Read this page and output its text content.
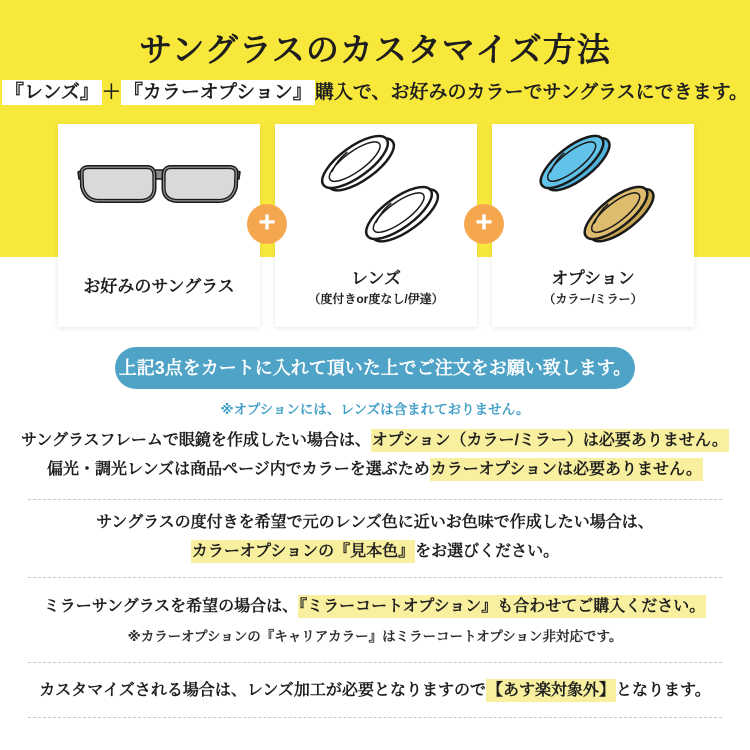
サングラスのカスタマイズ方法

『レンズ』 ＋ 『カラーオプション』 購入で、お好みのカラーでサングラスにできます。

お好みのサングラス
+
レンズ
（度付きor度なし/伊達）
+
オプション
（カラー/ミラー）
上記3点をカートに入れて頂いた上でご注文をお願い致します。
※オプションには、レンズは含まれておりません。
サングラスフレームで眼鏡を作成したい場合は、オプション（カラー/ミラー）は必要ありません。
偏光・調光レンズは商品ページ内でカラーを選ぶためカラーオプションは必要ありません。
サングラスの度付きを希望で元のレンズ色に近いお色味で作成したい場合は、
カラーオプションの『見本色』をお選びください。
ミラーサングラスを希望の場合は、『ミラーコートオプション』も合わせてご購入ください。
※カラーオプションの『キャリアカラー』はミラーコートオプション非対応です。
カスタマイズされる場合は、レンズ加工が必要となりますので【あす楽対象外】となります。
